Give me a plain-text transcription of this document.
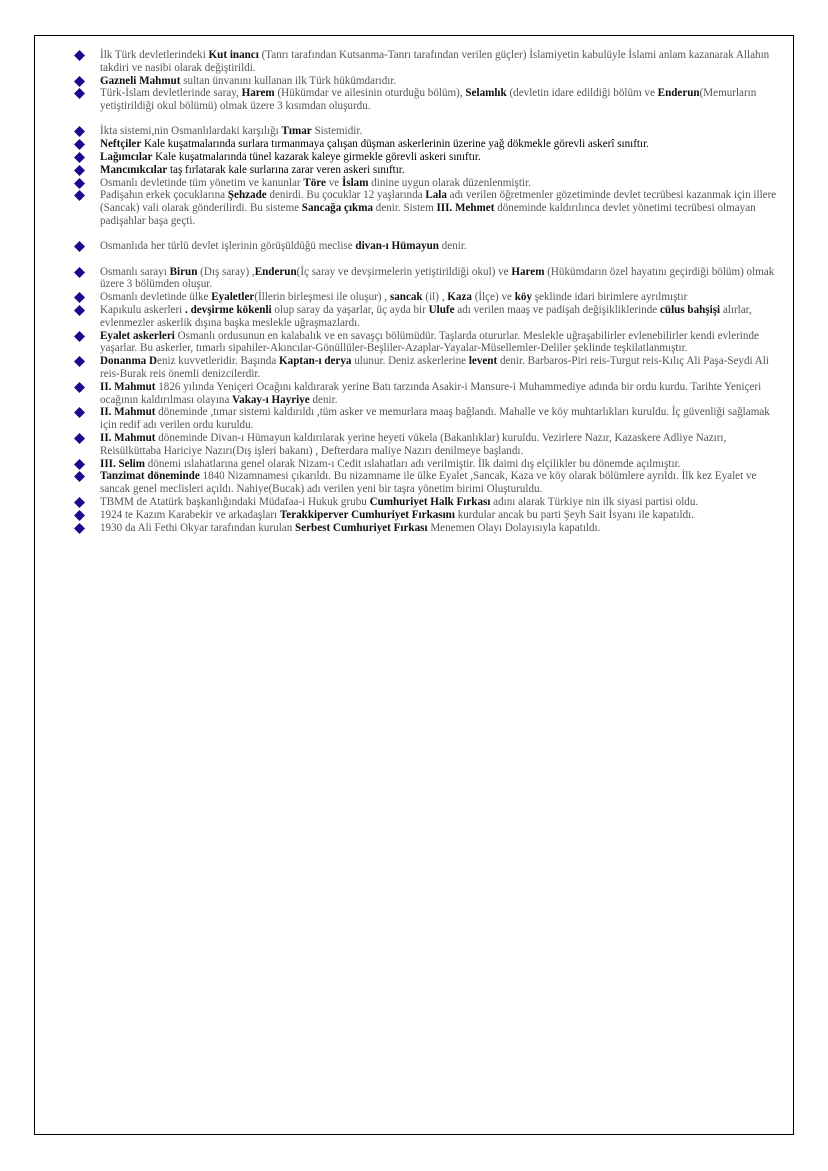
İlk Türk devletlerindeki Kut inancı (Tanrı tarafından Kutsanma-Tanrı tarafından verilen güçler) İslamiyetin kabulüyle İslami anlam kazanarak Allahın takdiri ve nasibi olarak değiştirildi.
Gazneli Mahmut sultan ünvanını kullanan ilk Türk hükümdarıdır.
Türk-İslam devletlerinde saray, Harem (Hükümdar ve ailesinin oturduğu bölüm), Selamlık (devletin idare edildiği bölüm ve Enderun(Memurların yetiştirildiği okul bölümü) olmak üzere 3 kısımdan oluşurdu.
İkta sistemi,nin Osmanlılardaki karşılığı Tımar Sistemidir.
Neftçiler Kale kuşatmalarında surlara tırmanmaya çalışan düşman askerlerinin üzerine yağ dökmekle görevli askerî sınıftır.
Lağımcılar Kale kuşatmalarında tünel kazarak kaleye girmekle görevli askeri sınıftır.
Mancınıkcılar taş fırlatarak kale surlarına zarar veren askeri sınıftır.
Osmanlı devletinde tüm yönetim ve kanunlar Töre ve İslam dinine uygun olarak düzenlenmiştir.
Padişahın erkek çocuklarına Şehzade denirdi. Bu çocuklar 12 yaşlarında Lala adı verilen öğretmenler gözetiminde devlet tecrübesi kazanmak için illere (Sancak) vali olarak gönderilirdi. Bu sisteme Sancağa çıkma denir. Sistem III. Mehmet döneminde kaldırılınca devlet yönetimi tecrübesi olmayan padişahlar başa geçti.
Osmanlıda her türlü devlet işlerinin görüşüldüğü meclise divan-ı Hümayun denir.
Osmanlı sarayı Birun (Dış saray) ,Enderun(İç saray ve devşirmelerin yetiştirildiği okul) ve Harem (Hükümdarın özel hayatını geçirdiği bölüm) olmak üzere 3 bölümden oluşur.
Osmanlı devletinde ülke Eyaletler(İllerin birleşmesi ile oluşur) , sancak (il) , Kaza (İlçe) ve köy şeklinde idari birimlere ayrılmıştır
Kapıkulu askerleri . devşirme kökenli olup saray da yaşarlar, üç ayda bir Ulufe adı verilen maaş ve padişah değişikliklerinde cülus bahşişi alırlar, evlenmezler askerlik dışına başka meslekle uğraşmazlardı.
Eyalet askerleri Osmanlı ordusunun en kalabalık ve en savaşçı bölümüdür. Taşlarda otururlar. Meslekle uğraşabilirler evlenebilirler kendi evlerinde yaşarlar. Bu askerler, tımarlı sipahiler-Akıncılar-Gönüllüler-Beşliler-Azaplar-Yayalar-Müsellemler-Deliler şeklinde teşkilatlanmıştır.
Donanma Deniz kuvvetleridir. Başında Kaptan-ı derya ulunur. Deniz askerlerine levent denir. Barbaros-Piri reis-Turgut reis-Kılıç Ali Paşa-Seydi Ali reis-Burak reis önemli denizcilerdir.
II. Mahmut 1826 yılında Yeniçeri Ocağını kaldırarak yerine Batı tarzında Asakir-i Mansure-i Muhammediye adında bir ordu kurdu. Tarihte Yeniçeri ocağının kaldırılması olayına Vakay-ı Hayriye denir.
II. Mahmut döneminde ,tımar sistemi kaldırıldı ,tüm asker ve memurlara maaş bağlandı. Mahalle ve köy muhtarlıkları kuruldu. İç güvenliği sağlamak için redif adı verilen ordu kuruldu.
II. Mahmut döneminde Divan-ı Hümayun kaldırılarak yerine heyeti vükela (Bakanlıklar) kuruldu. Vezirlere Nazır, Kazaskere Adliye Nazırı, Reisülküttaba Hariciye Nazırı(Dış işleri bakanı) , Defterdara maliye Nazırı denilmeye başlandı.
III. Selim dönemi ıslahatlarına genel olarak Nizam-ı Cedit ıslahatları adı verilmiştir. İlk daimi dış elçilikler bu dönemde açılmıştır.
Tanzimat döneminde 1840 Nizamnamesi çıkarıldı. Bu nizamname ile ülke Eyalet ,Sancak, Kaza ve köy olarak bölümlere ayrıldı. İlk kez Eyalet ve sancak genel meclisleri açıldı. Nahiye(Bucak) adı verilen yeni bir taşra yönetim birimi Oluşturuldu.
TBMM de Atatürk başkanlığındaki Müdafaa-i Hukuk grubu Cumhuriyet Halk Fırkası adını alarak Türkiye nin ilk siyasi partisi oldu.
1924 te Kazım Karabekir ve arkadaşları Terakkiperver Cumhuriyet Fırkasını kurdular ancak bu parti Şeyh Sait İsyanı ile kapatıldı.
1930 da Ali Fethi Okyar tarafından kurulan Serbest Cumhuriyet Fırkası Menemen Olayı Dolayısıyla kapatıldı.
